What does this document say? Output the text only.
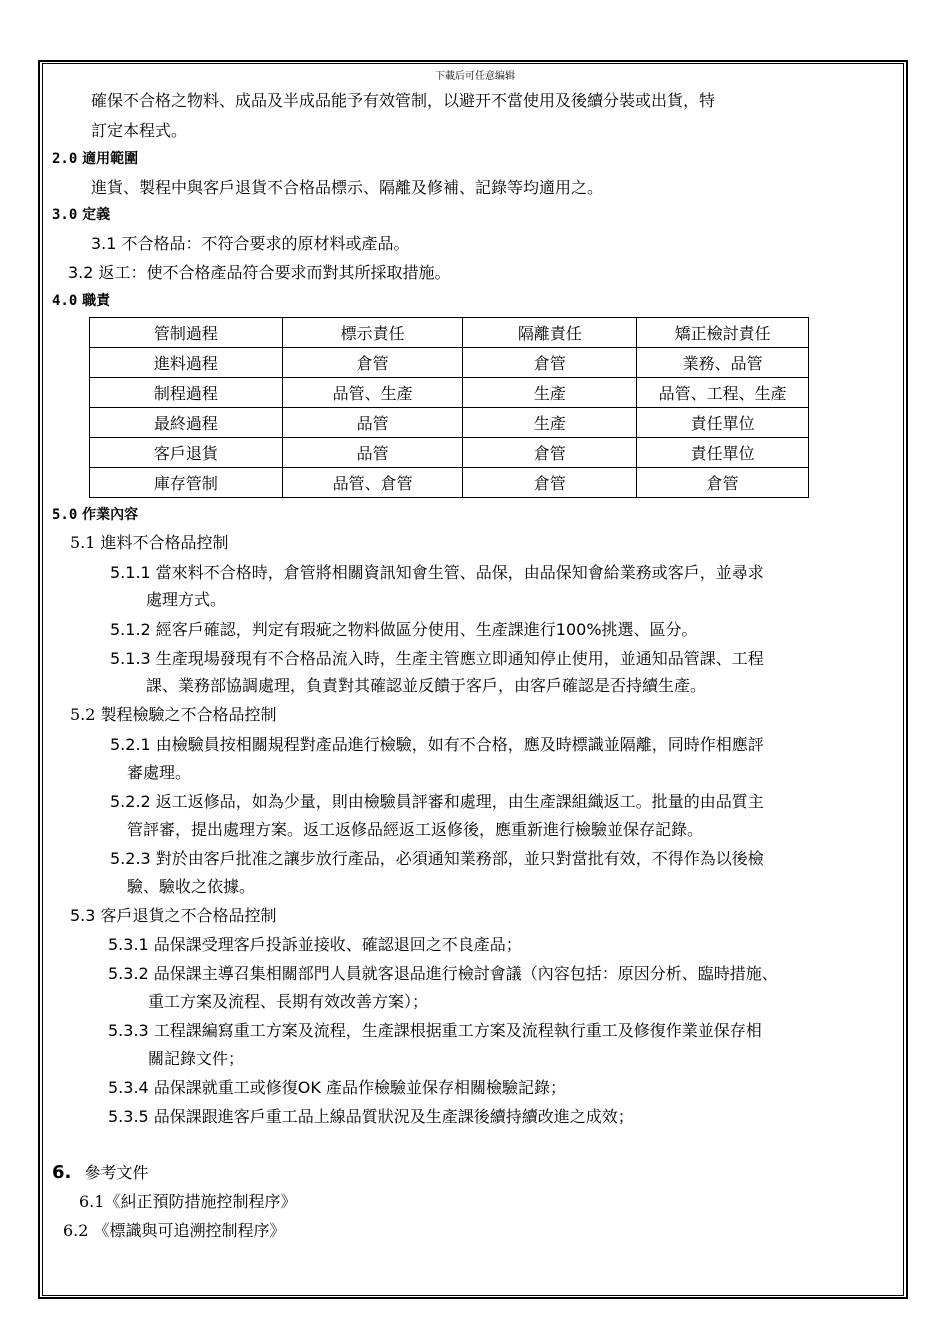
下載后可任意编辑
確保不合格之物料、成品及半成品能予有效管制，以避开不當使用及後續分裝或出貨，特
訂定本程式。
2.0 適用範圍
進貨、製程中與客戶退貨不合格品標示、隔離及修補、記錄等均適用之。
3.0 定義
3.1 不合格品：不符合要求的原材料或產品。
3.2 返工：使不合格產品符合要求而對其所採取措施。
4.0 職責
管制過程	標示責任	隔離責任	矯正檢討責任
進料過程	倉管	倉管	業務、品管
制程過程	品管、生產	生產	品管、工程、生產
最終過程	品管	生產	責任單位
客戶退貨	品管	倉管	責任單位
庫存管制	品管、倉管	倉管	倉管
5.0 作業內容
5.1 進料不合格品控制
5.1.1 當來料不合格時，倉管將相關資訊知會生管、品保，由品保知會給業務或客戶，並尋求
處理方式。
5.1.2 經客戶確認，判定有瑕疵之物料做區分使用、生產課進行100%挑選、區分。
5.1.3 生產現場發現有不合格品流入時，生產主管應立即通知停止使用，並通知品管課、工程
課、業務部協調處理，負責對其確認並反饋于客戶，由客戶確認是否持續生產。
5.2 製程檢驗之不合格品控制
5.2.1 由檢驗員按相關規程對產品進行檢驗，如有不合格，應及時標識並隔離，同時作相應評
審處理。
5.2.2 返工返修品，如為少量，則由檢驗員評審和處理，由生產課組織返工。批量的由品質主
管評審，提出處理方案。返工返修品經返工返修後，應重新進行檢驗並保存記錄。
5.2.3 對於由客戶批准之讓步放行產品，必須通知業務部，並只對當批有效，不得作為以後檢
驗、驗收之依據。
5.3 客戶退貨之不合格品控制
5.3.1 品保課受理客戶投訴並接收、確認退回之不良產品；
5.3.2 品保課主導召集相關部門人員就客退品進行檢討會議（內容包括：原因分析、臨時措施、
重工方案及流程、長期有效改善方案）；
5.3.3 工程課編寫重工方案及流程，生產課根据重工方案及流程執行重工及修復作業並保存相
關記錄文件；
5.3.4 品保課就重工或修復OK 產品作檢驗並保存相關檢驗記錄；
5.3.5 品保課跟進客戶重工品上線品質狀況及生產課後續持續改進之成效；
6. 參考文件
6.1《糾正預防措施控制程序》
6.2 《標識與可追溯控制程序》
